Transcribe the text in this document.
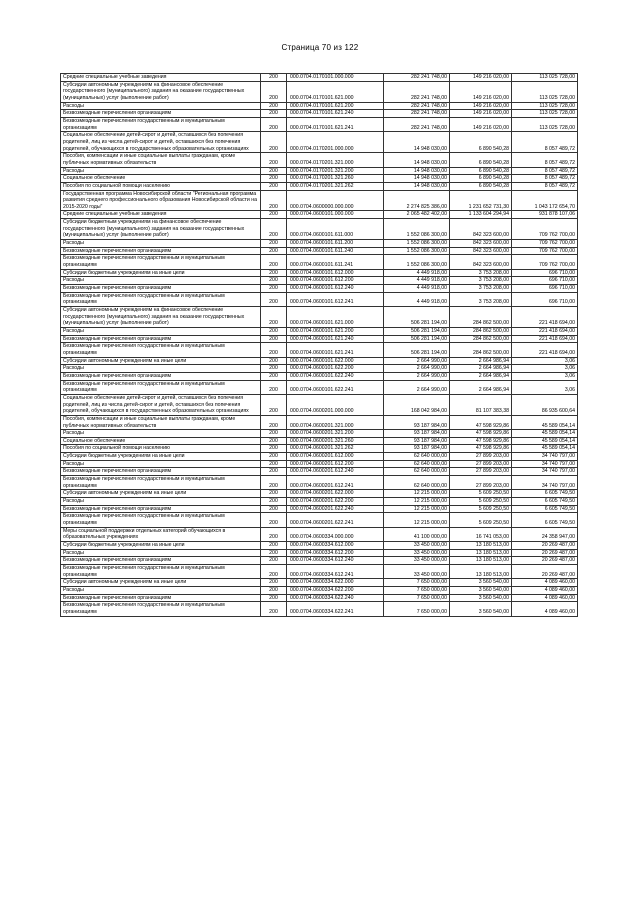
Страница 70 из 122
Средние специальные учебные заведения	200	000.0704.0170101.000.000	282 241 748,00	149 216 020,00	113 025 728,00
Субсидии автономным учреждениям на финансовое обеспечение государственного (муниципального) задания на оказание государственных (муниципальных) услуг (выполнение работ)	200	000.0704.0170101.621.000	282 241 748,00	149 216 020,00	113 025 728,00
Расходы	200	000.0704.0170101.621.200	282 241 748,00	149 216 020,00	113 025 728,00
Безвозмездные перечисления организациям	200	000.0704.0170101.621.240	282 241 748,00	149 216 020,00	113 025 728,00
Безвозмездные перечисления государственным и муниципальным организациям	200	000.0704.0170101.621.241	282 241 748,00	149 216 020,00	113 025 728,00
Социальное обеспечение детей-сирот и детей, оставшихся без попечения родителей, лиц из числа детей-сирот и детей, оставшихся без попечения родителей, обучающихся в государственных образовательных организациях	200	000.0704.0170201.000.000	14 948 030,00	6 890 540,28	8 057 489,72
Пособия, компенсации и иные социальные выплаты гражданам, кроме публичных нормативных обязательств	200	000.0704.0170201.321.000	14 948 030,00	6 890 540,28	8 057 489,72
Расходы	200	000.0704.0170201.321.200	14 948 030,00	6 890 540,28	8 057 489,72
Социальное обеспечение	200	000.0704.0170201.321.260	14 948 030,00	6 890 540,28	8 057 489,72
Пособия по социальной помощи населению	200	000.0704.0170201.321.262	14 948 030,00	6 890 540,28	8 057 489,72
Государственная программа Новосибирской области "Региональная программа развития среднего профессионального образования Новосибирской области на 2015-2020 годы"	200	000.0704.0600000.000.000	2 274 825 386,00	1 231 652 731,30	1 043 172 654,70
Средние специальные учебные заведения	200	000.0704.0600101.000.000	2 065 482 402,00	1 133 604 294,94	931 878 107,06
Субсидии бюджетным учреждениям на финансовое обеспечение государственного (муниципального) задания на оказание государственных (муниципальных) услуг (выполнение работ)	200	000.0704.0600101.611.000	1 552 086 300,00	842 323 600,00	709 762 700,00
Расходы	200	000.0704.0600101.611.200	1 552 086 300,00	842 323 600,00	709 762 700,00
Безвозмездные перечисления организациям	200	000.0704.0600101.611.240	1 552 086 300,00	842 323 600,00	709 762 700,00
Безвозмездные перечисления государственным и муниципальным организациям	200	000.0704.0600101.611.241	1 552 086 300,00	842 323 600,00	709 762 700,00
Субсидии бюджетным учреждениям на иные цели	200	000.0704.0600101.612.000	4 449 918,00	3 753 208,00	696 710,00
Расходы	200	000.0704.0600101.612.200	4 449 918,00	3 753 208,00	696 710,00
Безвозмездные перечисления организациям	200	000.0704.0600101.612.240	4 449 918,00	3 753 208,00	696 710,00
Безвозмездные перечисления государственным и муниципальным организациям	200	000.0704.0600101.612.241	4 449 918,00	3 753 208,00	696 710,00
Субсидии автономным учреждениям на финансовое обеспечение государственного (муниципального) задания на оказание государственных (муниципальных) услуг (выполнение работ)	200	000.0704.0600101.621.000	506 281 194,00	284 862 500,00	221 418 694,00
Расходы	200	000.0704.0600101.621.200	506 281 194,00	284 862 500,00	221 418 694,00
Безвозмездные перечисления организациям	200	000.0704.0600101.621.240	506 281 194,00	284 862 500,00	221 418 694,00
Безвозмездные перечисления государственным и муниципальным организациям	200	000.0704.0600101.621.241	506 281 194,00	284 862 500,00	221 418 694,00
Субсидии автономным учреждениям на иные цели	200	000.0704.0600101.622.000	2 664 990,00	2 664 986,94	3,06
Расходы	200	000.0704.0600101.622.200	2 664 990,00	2 664 986,94	3,06
Безвозмездные перечисления организациям	200	000.0704.0600101.622.240	2 664 990,00	2 664 986,94	3,06
Безвозмездные перечисления государственным и муниципальным организациям	200	000.0704.0600101.622.241	2 664 990,00	2 664 986,94	3,06
Социальное обеспечение детей-сирот и детей, оставшихся без попечения родителей, лиц из числа детей-сирот и детей, оставшихся без попечения родителей, обучающихся в государственных образовательных организациях	200	000.0704.0600201.000.000	168 042 984,00	81 107 383,38	86 935 600,64
Пособия, компенсации и иные социальные выплаты гражданам, кроме публичных нормативных обязательств	200	000.0704.0600201.321.000	93 187 984,00	47 598 929,86	45 589 054,14
Расходы	200	000.0704.0600201.321.200	93 187 984,00	47 598 929,86	45 589 054,14
Социальное обеспечение	200	000.0704.0600201.321.260	93 187 984,00	47 598 929,86	45 589 054,14
Пособия по социальной помощи населению	200	000.0704.0600201.321.262	93 187 984,00	47 598 929,86	45 589 054,14
Субсидии бюджетным учреждениям на иные цели	200	000.0704.0600201.612.000	62 640 000,00	27 899 203,00	34 740 797,00
Расходы	200	000.0704.0600201.612.200	62 640 000,00	27 899 203,00	34 740 797,00
Безвозмездные перечисления организациям	200	000.0704.0600201.612.240	62 640 000,00	27 899 203,00	34 740 797,00
Безвозмездные перечисления государственным и муниципальным организациям	200	000.0704.0600201.612.241	62 640 000,00	27 899 203,00	34 740 797,00
Субсидии автономным учреждениям на иные цели	200	000.0704.0600201.622.000	12 215 000,00	5 609 250,50	6 605 749,50
Расходы	200	000.0704.0600201.622.200	12 215 000,00	5 609 250,50	6 605 749,50
Безвозмездные перечисления организациям	200	000.0704.0600201.622.240	12 215 000,00	5 609 250,50	6 605 749,50
Безвозмездные перечисления государственным и муниципальным организациям	200	000.0704.0600201.622.241	12 215 000,00	5 609 250,50	6 605 749,50
Меры социальной поддержки отдельных категорий обучающихся в образовательных учреждениях	200	000.0704.0600334.000.000	41 100 000,00	16 741 053,00	24 358 947,00
Субсидии бюджетным учреждениям на иные цели	200	000.0704.0600334.612.000	33 450 000,00	13 180 513,00	20 269 487,00
Расходы	200	000.0704.0600334.612.200	33 450 000,00	13 180 513,00	20 269 487,00
Безвозмездные перечисления организациям	200	000.0704.0600334.612.240	33 450 000,00	13 180 513,00	20 269 487,00
Безвозмездные перечисления государственным и муниципальным организациям	200	000.0704.0600334.612.241	33 450 000,00	13 180 513,00	20 269 487,00
Субсидии автономным учреждениям на иные цели	200	000.0704.0600334.622.000	7 650 000,00	3 560 540,00	4 089 460,00
Расходы	200	000.0704.0600334.622.200	7 650 000,00	3 560 540,00	4 089 460,00
Безвозмездные перечисления организациям	200	000.0704.0600334.622.240	7 650 000,00	3 560 540,00	4 089 460,00
Безвозмездные перечисления государственным и муниципальным организациям	200	000.0704.0600334.622.241	7 650 000,00	3 560 540,00	4 089 460,00
